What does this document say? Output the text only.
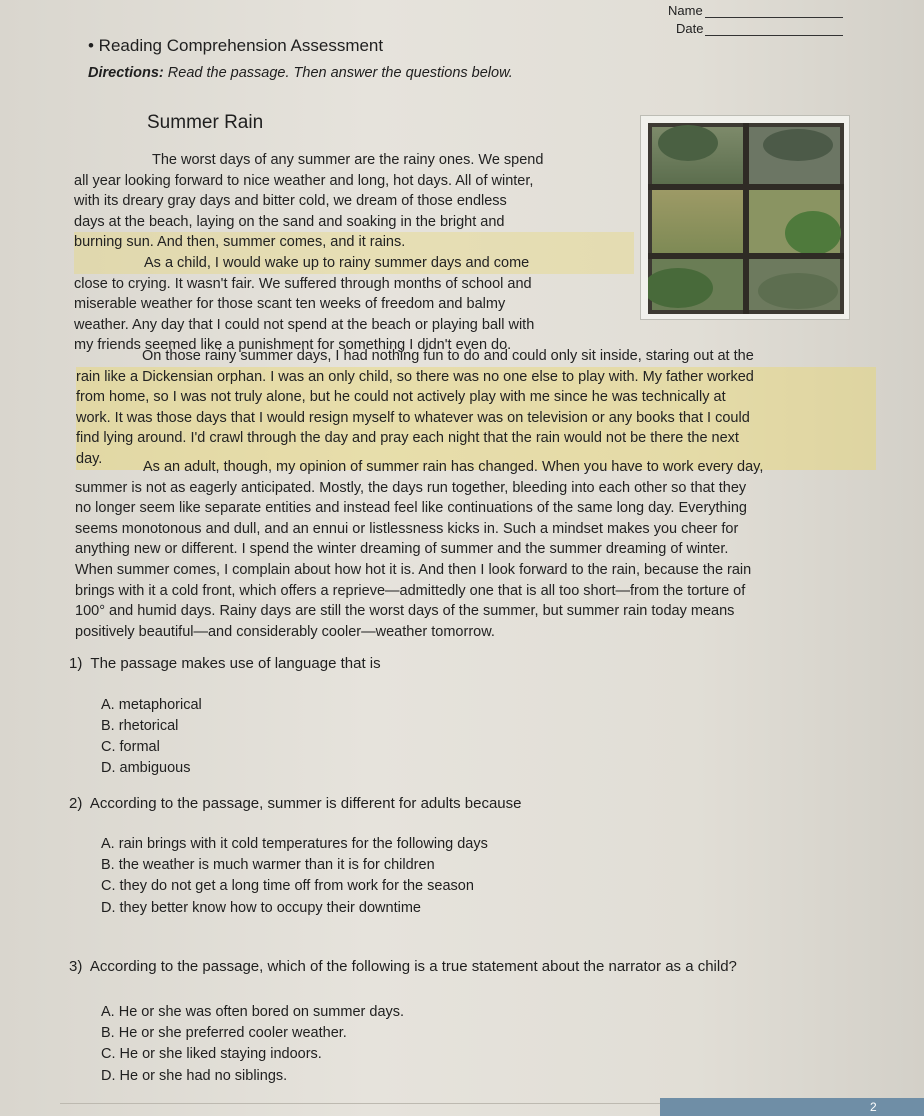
Name
Date
• Reading Comprehension Assessment
Directions: Read the passage. Then answer the questions below.
Summer Rain
The worst days of any summer are the rainy ones. We spend
all year looking forward to nice weather and long, hot days. All of winter,
with its dreary gray days and bitter cold, we dream of those endless
days at the beach, laying on the sand and soaking in the bright and
burning sun. And then, summer comes, and it rains.
As a child, I would wake up to rainy summer days and come
close to crying. It wasn't fair. We suffered through months of school and
miserable weather for those scant ten weeks of freedom and balmy
weather. Any day that I could not spend at the beach or playing ball with
my friends seemed like a punishment for something I didn't even do.
On those rainy summer days, I had nothing fun to do and could only sit inside, staring out at the
rain like a Dickensian orphan. I was an only child, so there was no one else to play with. My father worked
from home, so I was not truly alone, but he could not actively play with me since he was technically at
work. It was those days that I would resign myself to whatever was on television or any books that I could
find lying around. I'd crawl through the day and pray each night that the rain would not be there the next
day.
As an adult, though, my opinion of summer rain has changed. When you have to work every day,
summer is not as eagerly anticipated. Mostly, the days run together, bleeding into each other so that they
no longer seem like separate entities and instead feel like continuations of the same long day. Everything
seems monotonous and dull, and an ennui or listlessness kicks in. Such a mindset makes you cheer for
anything new or different. I spend the winter dreaming of summer and the summer dreaming of winter.
When summer comes, I complain about how hot it is. And then I look forward to the rain, because the rain
brings with it a cold front, which offers a reprieve—admittedly one that is all too short—from the torture of
100° and humid days. Rainy days are still the worst days of the summer, but summer rain today means
positively beautiful—and considerably cooler—weather tomorrow.
1) The passage makes use of language that is
A. metaphorical
B. rhetorical
C. formal
D. ambiguous
2) According to the passage, summer is different for adults because
A. rain brings with it cold temperatures for the following days
B. the weather is much warmer than it is for children
C. they do not get a long time off from work for the season
D. they better know how to occupy their downtime
3) According to the passage, which of the following is a true statement about the narrator as a child?
A. He or she was often bored on summer days.
B. He or she preferred cooler weather.
C. He or she liked staying indoors.
D. He or she had no siblings.
2
